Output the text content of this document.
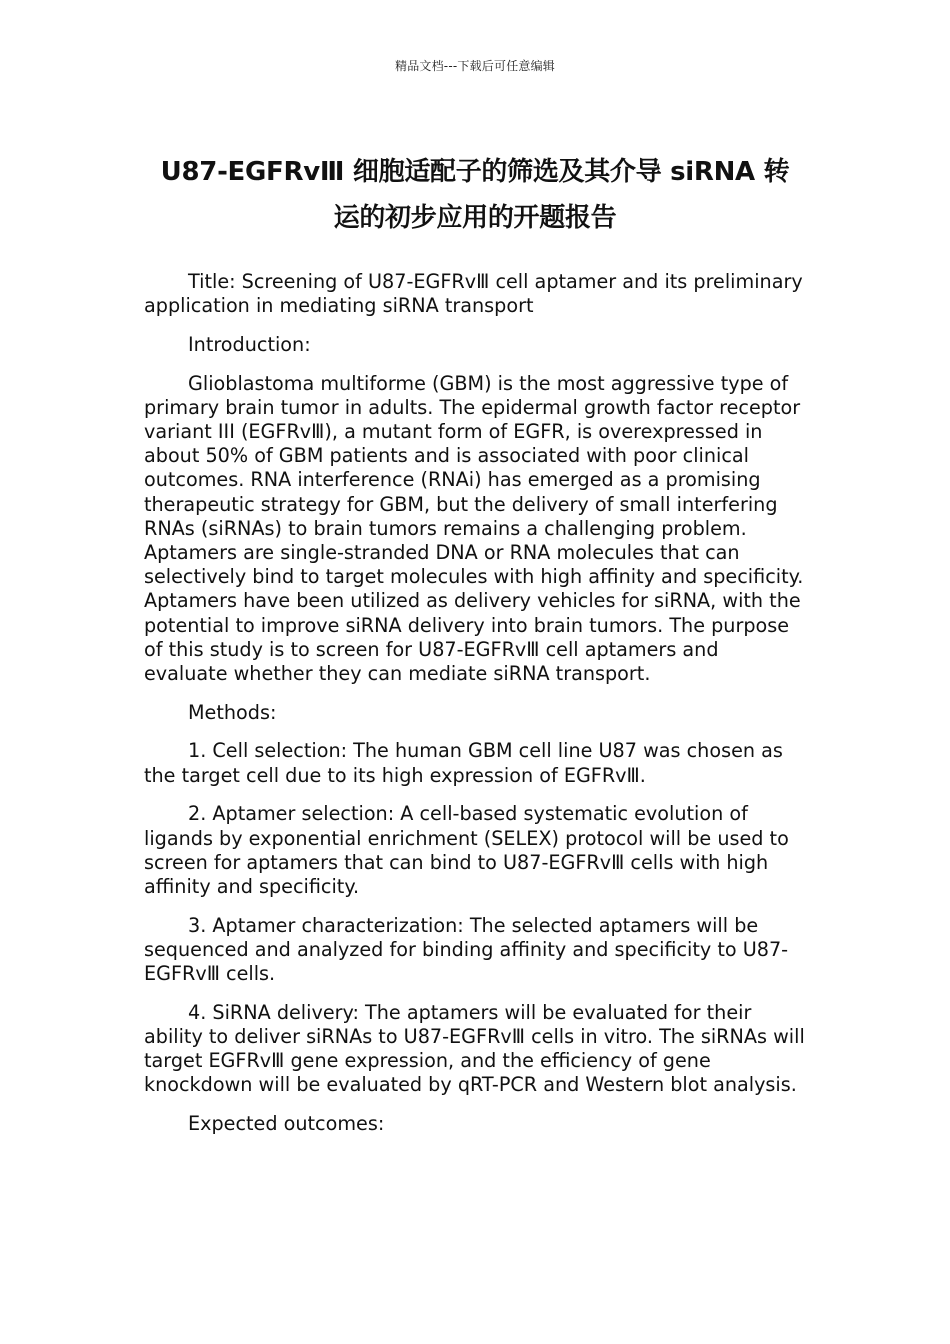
精品文档---下载后可任意编辑
U87-EGFRvⅢ 细胞适配子的筛选及其介导 siRNA 转
运的初步应用的开题报告

Title: Screening of U87-EGFRvⅢ cell aptamer and its preliminary application in mediating siRNA transport

Introduction:

Glioblastoma multiforme (GBM) is the most aggressive type of primary brain tumor in adults. The epidermal growth factor receptor variant III (EGFRvⅢ), a mutant form of EGFR, is overexpressed in about 50% of GBM patients and is associated with poor clinical outcomes. RNA interference (RNAi) has emerged as a promising therapeutic strategy for GBM, but the delivery of small interfering RNAs (siRNAs) to brain tumors remains a challenging problem. Aptamers are single-stranded DNA or RNA molecules that can selectively bind to target molecules with high affinity and specificity. Aptamers have been utilized as delivery vehicles for siRNA, with the potential to improve siRNA delivery into brain tumors. The purpose of this study is to screen for U87-EGFRvⅢ cell aptamers and evaluate whether they can mediate siRNA transport.

Methods:

1. Cell selection: The human GBM cell line U87 was chosen as the target cell due to its high expression of EGFRvⅢ.

2. Aptamer selection: A cell-based systematic evolution of ligands by exponential enrichment (SELEX) protocol will be used to screen for aptamers that can bind to U87-EGFRvⅢ cells with high affinity and specificity.

3. Aptamer characterization: The selected aptamers will be sequenced and analyzed for binding affinity and specificity to U87-EGFRvⅢ cells.

4. SiRNA delivery: The aptamers will be evaluated for their ability to deliver siRNAs to U87-EGFRvⅢ cells in vitro. The siRNAs will target EGFRvⅢ gene expression, and the efficiency of gene knockdown will be evaluated by qRT-PCR and Western blot analysis.

Expected outcomes:
